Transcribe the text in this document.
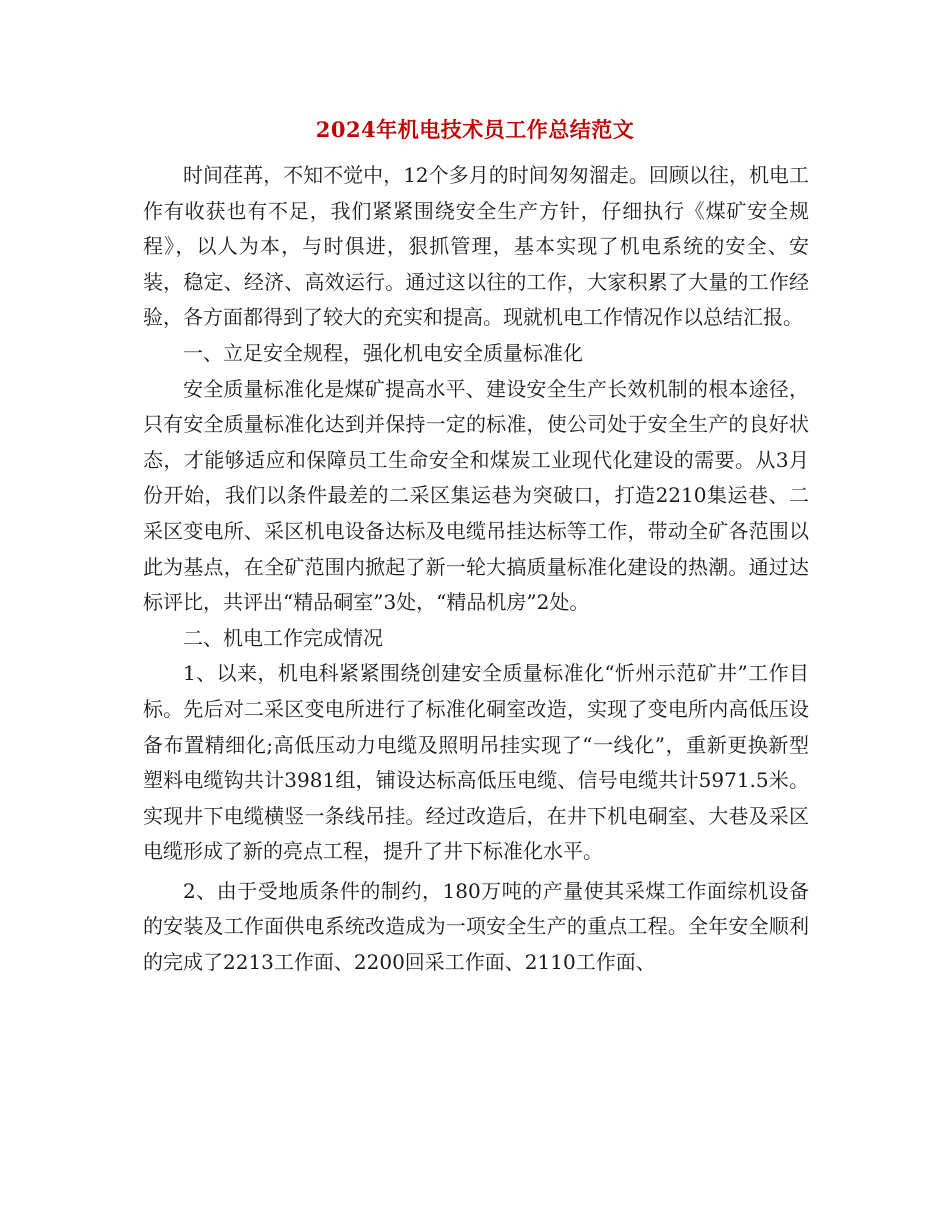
2024年机电技术员工作总结范文

时间荏苒，不知不觉中，12个多月的时间匆匆溜走。回顾以往，机电工作有收获也有不足，我们紧紧围绕安全生产方针，仔细执行《煤矿安全规程》，以人为本，与时俱进，狠抓管理，基本实现了机电系统的安全、安装，稳定、经济、高效运行。通过这以往的工作，大家积累了大量的工作经验，各方面都得到了较大的充实和提高。现就机电工作情况作以总结汇报。

一、立足安全规程，强化机电安全质量标准化

安全质量标准化是煤矿提高水平、建设安全生产长效机制的根本途径，只有安全质量标准化达到并保持一定的标准，使公司处于安全生产的良好状态，才能够适应和保障员工生命安全和煤炭工业现代化建设的需要。从3月份开始，我们以条件最差的二采区集运巷为突破口，打造2210集运巷、二采区变电所、采区机电设备达标及电缆吊挂达标等工作，带动全矿各范围以此为基点，在全矿范围内掀起了新一轮大搞质量标准化建设的热潮。通过达标评比，共评出“精品硐室”3处，“精品机房”2处。

二、机电工作完成情况

1、以来，机电科紧紧围绕创建安全质量标准化“忻州示范矿井”工作目标。先后对二采区变电所进行了标准化硐室改造，实现了变电所内高低压设备布置精细化;高低压动力电缆及照明吊挂实现了“一线化”，重新更换新型塑料电缆钩共计3981组，铺设达标高低压电缆、信号电缆共计5971.5米。实现井下电缆横竖一条线吊挂。经过改造后，在井下机电硐室、大巷及采区电缆形成了新的亮点工程，提升了井下标准化水平。

2、由于受地质条件的制约，180万吨的产量使其采煤工作面综机设备的安装及工作面供电系统改造成为一项安全生产的重点工程。全年安全顺利的完成了2213工作面、2200回采工作面、2110工作面、
